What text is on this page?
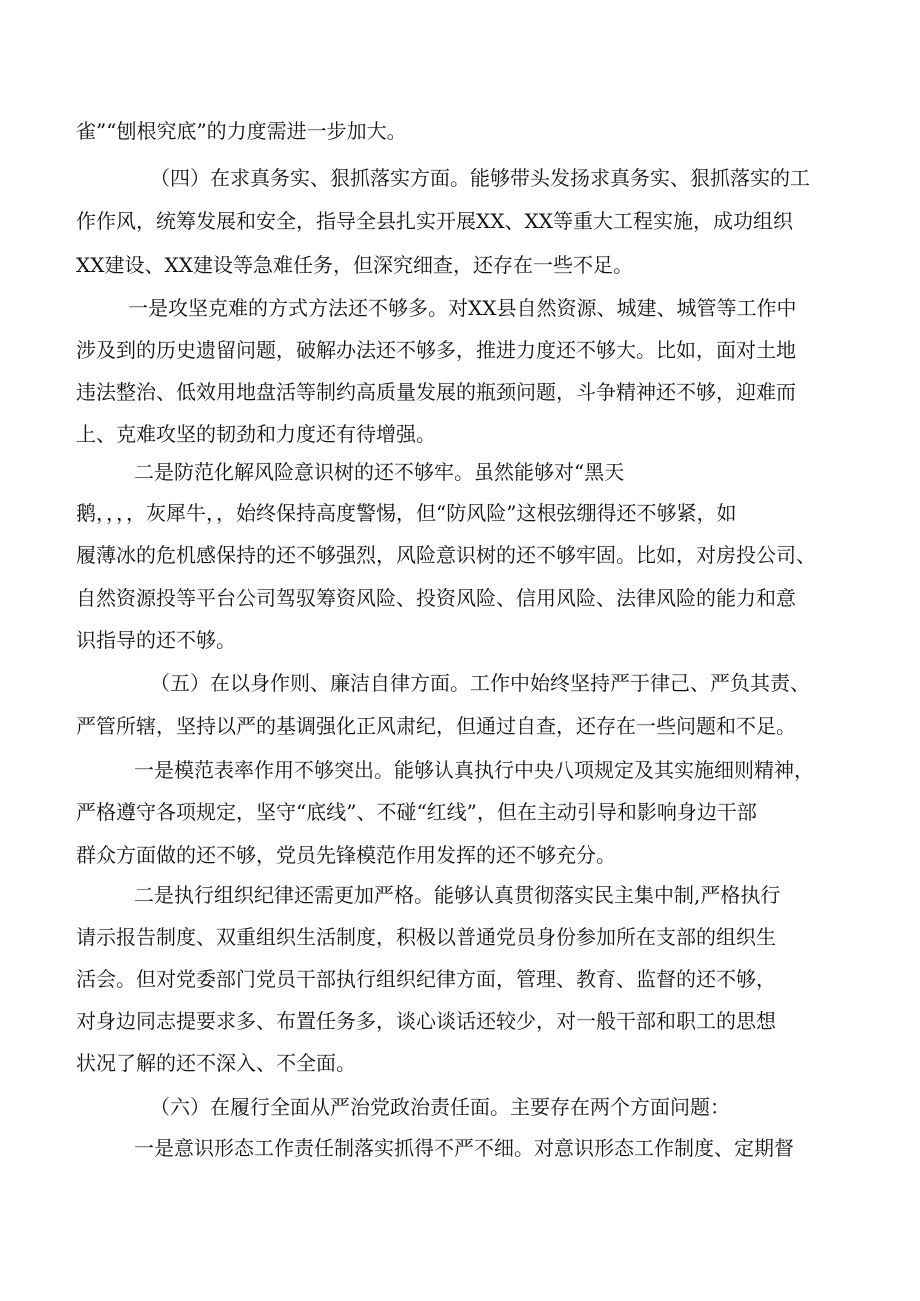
雀”“刨根究底”的力度需进一步加大。
（四）在求真务实、狠抓落实方面。能够带头发扬求真务实、狠抓落实的工
作作风，统筹发展和安全，指导全县扎实开展XX、XX等重大工程实施，成功组织
XX建设、XX建设等急难任务，但深究细查，还存在一些不足。
一是攻坚克难的方式方法还不够多。对XX县自然资源、城建、城管等工作中
涉及到的历史遗留问题，破解办法还不够多，推进力度还不够大。比如，面对土地
违法整治、低效用地盘活等制约高质量发展的瓶颈问题，斗争精神还不够，迎难而
上、克难攻坚的韧劲和力度还有待增强。
二是防范化解风险意识树的还不够牢。虽然能够对“黑天
鹅，，，，灰犀牛，，始终保持高度警惕，但“防风险”这根弦绷得还不够紧，如
履薄冰的危机感保持的还不够强烈，风险意识树的还不够牢固。比如，对房投公司、
自然资源投等平台公司驾驭筹资风险、投资风险、信用风险、法律风险的能力和意
识指导的还不够。
（五）在以身作则、廉洁自律方面。工作中始终坚持严于律己、严负其责、
严管所辖，坚持以严的基调强化正风肃纪，但通过自查，还存在一些问题和不足。
一是模范表率作用不够突出。能够认真执行中央八项规定及其实施细则精神，
严格遵守各项规定，坚守“底线”、不碰“红线”，但在主动引导和影响身边干部
群众方面做的还不够，党员先锋模范作用发挥的还不够充分。
二是执行组织纪律还需更加严格。能够认真贯彻落实民主集中制,严格执行
请示报告制度、双重组织生活制度，积极以普通党员身份参加所在支部的组织生
活会。但对党委部门党员干部执行组织纪律方面，管理、教育、监督的还不够，
对身边同志提要求多、布置任务多，谈心谈话还较少，对一般干部和职工的思想
状况了解的还不深入、不全面。
（六）在履行全面从严治党政治责任面。主要存在两个方面问题：
一是意识形态工作责任制落实抓得不严不细。对意识形态工作制度、定期督
